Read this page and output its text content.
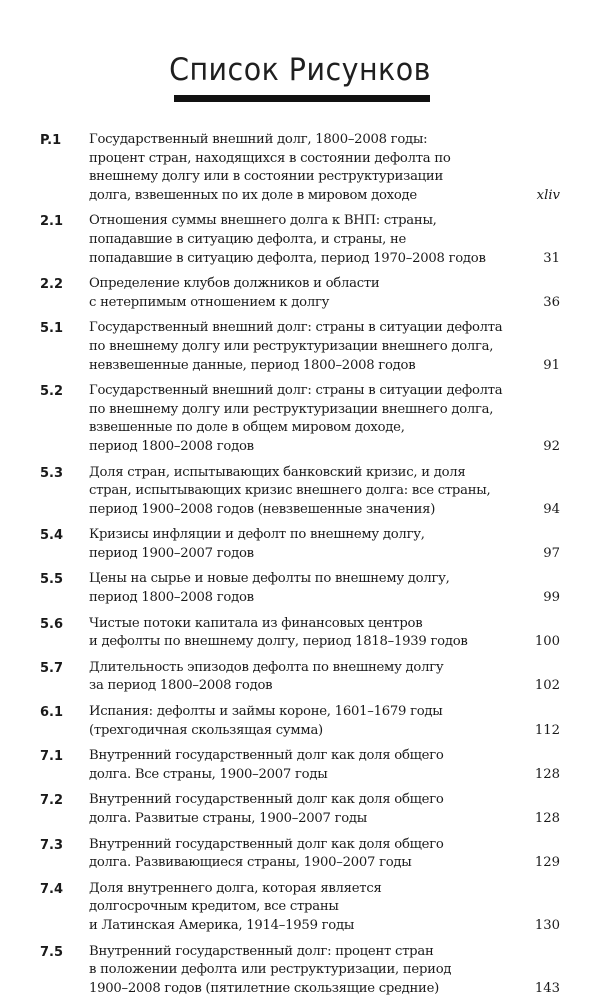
Список Рисунков
P.1 Государственный внешний долг, 1800–2008 годы:
процент стран, находящихся в состоянии дефолта по
внешнему долгу или в состоянии реструктуризации
долга, взвешенных по их доле в мировом доходе	xliv
2.1 Отношения суммы внешнего долга к ВНП: страны,
попадавшие в ситуацию дефолта, и страны, не
попадавшие в ситуацию дефолта, период 1970–2008 годов	31
2.2 Определение клубов должников и области
с нетерпимым отношением к долгу	36
5.1 Государственный внешний долг: страны в ситуации дефолта
по внешнему долгу или реструктуризации внешнего долга,
невзвешенные данные, период 1800–2008 годов	91
5.2 Государственный внешний долг: страны в ситуации дефолта
по внешнему долгу или реструктуризации внешнего долга,
взвешенные по доле в общем мировом доходе,
период 1800–2008 годов	92
5.3 Доля стран, испытывающих банковский кризис, и доля
стран, испытывающих кризис внешнего долга: все страны,
период 1900–2008 годов (невзвешенные значения)	94
5.4 Кризисы инфляции и дефолт по внешнему долгу,
период 1900–2007 годов	97
5.5 Цены на сырье и новые дефолты по внешнему долгу,
период 1800–2008 годов	99
5.6 Чистые потоки капитала из финансовых центров
и дефолты по внешнему долгу, период 1818–1939 годов	100
5.7 Длительность эпизодов дефолта по внешнему долгу
за период 1800–2008 годов	102
6.1 Испания: дефолты и займы короне, 1601–1679 годы
(трехгодичная скользящая сумма)	112
7.1 Внутренний государственный долг как доля общего
долга. Все страны, 1900–2007 годы	128
7.2 Внутренний государственный долг как доля общего
долга. Развитые страны, 1900–2007 годы	128
7.3 Внутренний государственный долг как доля общего
долга. Развивающиеся страны, 1900–2007 годы	129
7.4 Доля внутреннего долга, которая является
долгосрочным кредитом, все страны
и Латинская Америка, 1914–1959 годы	130
7.5 Внутренний государственный долг: процент стран
в положении дефолта или реструктуризации, период
1900–2008 годов (пятилетние скользящие средние)	143
